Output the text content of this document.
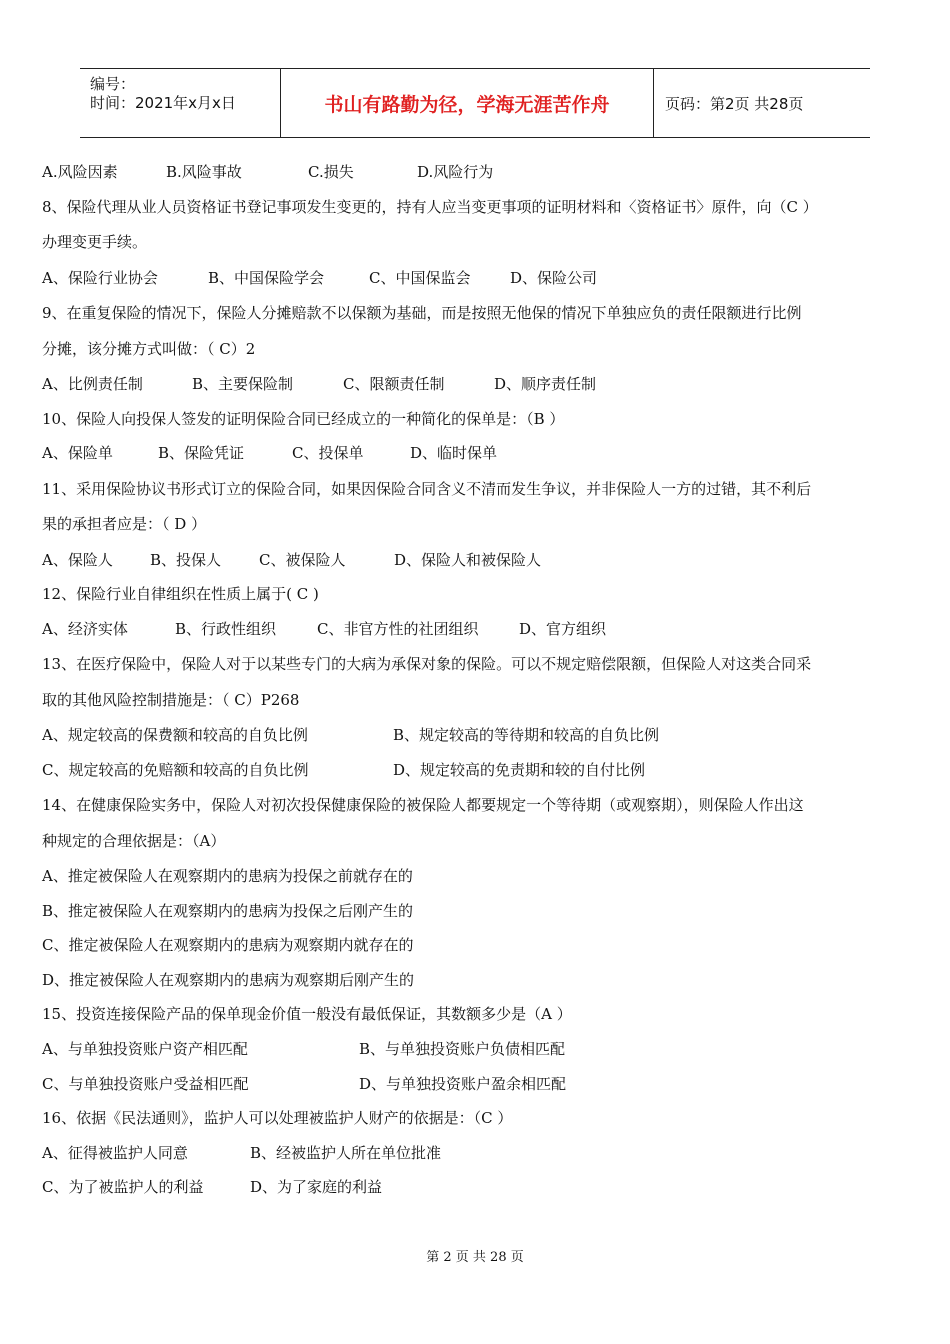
编号：
时间：2021年x月x日	书山有路勤为径，学海无涯苦作舟	页码：第2页 共28页
A.风险因素	B.风险事故	C.损失	D.风险行为
8、保险代理从业人员资格证书登记事项发生变更的，持有人应当变更事项的证明材料和〈资格证书〉原件，向（C ）
办理变更手续。
A、保险行业协会	B、中国保险学会	C、中国保监会	D、保险公司
9、在重复保险的情况下，保险人分摊赔款不以保额为基础，而是按照无他保的情况下单独应负的责任限额进行比例
分摊，该分摊方式叫做：（ C）2
A、比例责任制	B、主要保险制	C、限额责任制	D、顺序责任制
10、保险人向投保人签发的证明保险合同已经成立的一种简化的保单是：（B ）
A、保险单	B、保险凭证	C、投保单	D、临时保单
11、采用保险协议书形式订立的保险合同，如果因保险合同含义不清而发生争议，并非保险人一方的过错，其不利后
果的承担者应是：（ D ）
A、保险人 B、投保人	C、被保险人	D、保险人和被保险人
12、保险行业自律组织在性质上属于( C )
A、经济实体	B、行政性组织	C、非官方性的社团组织	D、官方组织
13、在医疗保险中，保险人对于以某些专门的大病为承保对象的保险。可以不规定赔偿限额，但保险人对这类合同采
取的其他风险控制措施是：（ C）P268
A、规定较高的保费额和较高的自负比例	B、规定较高的等待期和较高的自负比例
C、规定较高的免赔额和较高的自负比例	D、规定较高的免责期和较的自付比例
14、在健康保险实务中，保险人对初次投保健康保险的被保险人都要规定一个等待期（或观察期），则保险人作出这
种规定的合理依据是：（A）
A、推定被保险人在观察期内的患病为投保之前就存在的
B、推定被保险人在观察期内的患病为投保之后刚产生的
C、推定被保险人在观察期内的患病为观察期内就存在的
D、推定被保险人在观察期内的患病为观察期后刚产生的
15、投资连接保险产品的保单现金价值一般没有最低保证，其数额多少是（A ）
A、与单独投资账户资产相匹配	B、与单独投资账户负债相匹配
C、与单独投资账户受益相匹配	D、与单独投资账户盈余相匹配
16、依据《民法通则》，监护人可以处理被监护人财产的依据是：（C ）
A、征得被监护人同意	B、经被监护人所在单位批准
C、为了被监护人的利益	D、为了家庭的利益
第 2 页 共 28 页
